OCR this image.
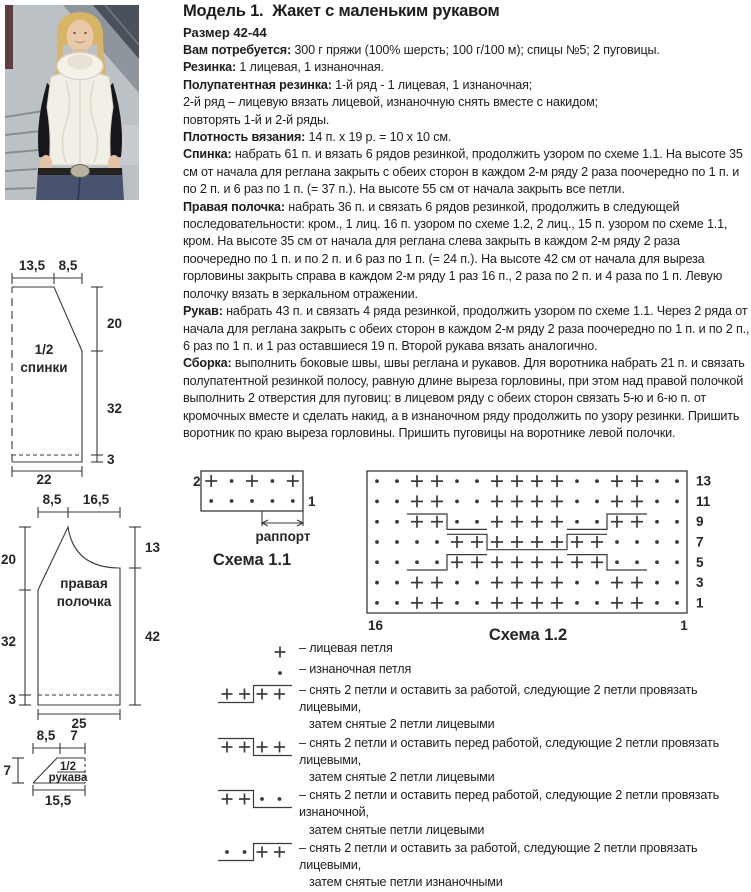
Модель 1.  Жакет с маленьким рукавом
Размер 42-44

Вам потребуется: 300 г пряжи (100% шерсть; 100 г/100 м); спицы №5; 2 пуговицы.

Резинка: 1 лицевая, 1 изнаночная.

Полупатентная резинка: 1-й ряд - 1 лицевая, 1 изнаночная;

2-й ряд – лицевую вязать лицевой, изнаночную снять вместе с накидом;

повторять 1-й и 2-й ряды.

Плотность вязания: 14 п. х 19 р. = 10 х 10 см.

Спинка: набрать 61 п. и вязать 6 рядов резинкой, продолжить узором по схеме 1.1. На высоте 35 см от начала для реглана закрыть с обеих сторон в каждом 2-м ряду 2 раза поочередно по 1 п. и по 2 п. и 6 раз по 1 п. (= 37 п.). На высоте 55 см от начала закрыть все петли.

Правая полочка: набрать 36 п. и связать 6 рядов резинкой, продолжить в следующей последовательности: кром., 1 лиц. 16 п. узором по схеме 1.2, 2 лиц., 15 п. узором по схеме 1.1, кром. На высоте 35 см от начала для реглана слева закрыть в каждом 2-м ряду 2 раза поочередно по 1 п. и по 2 п. и 6 раз по 1 п. (= 24 п.). На высоте 42 см от начала для выреза горловины закрыть справа в каждом 2-м ряду 1 раз 16 п., 2 раза по 2 п. и 4 раза по 1 п. Левую полочку вязать в зеркальном отражении.

Рукав: набрать 43 п. и связать 4 ряда резинкой, продолжить узором по схеме 1.1. Через 2 ряда от начала для реглана закрыть с обеих сторон в каждом 2-м ряду 2 раза поочередно по 1 п. и по 2 п., 6 раз по 1 п. и 1 раз оставшиеся 19 п. Второй рукава вязать аналогично.

Сборка: выполнить боковые швы, швы реглана и рукавов. Для воротника набрать 21 п. и связать полупатентной резинкой полосу, равную длине выреза горловины, при этом над правой полочкой выполнить 2 отверстия для пуговиц: в лицевом ряду с обеих сторон связать 5-ю и 6-ю п. от кромочных вместе и сделать накид, а в изнаночном ряду продолжить по узору резинки. Пришить воротник по краю выреза горловины. Пришить пуговицы на воротнике левой полочки.

13,5 8,5
20
32
3
22
1/2
спинки
8,5 16,5
20
32
3
13
42
25
правая
полочка
8,5 7
7
15,5
1/2
рукава
2
1
раппорт
Схема 1.1
13
11
9
7
5
3
1
16	1
Схема 1.2
– лицевая петля
– изнаночная петля
– снять 2 петли и оставить за работой, следующие 2 петли провязать лицевыми,
затем снятые 2 петли лицевыми
– снять 2 петли и оставить перед работой, следующие 2 петли провязать лицевыми,
затем снятые 2 петли лицевыми
– снять 2 петли и оставить перед работой, следующие 2 петли провязать изнаночной,
затем снятые петли лицевыми
– снять 2 петли и оставить за работой, следующие 2 петли провязать лицевыми,
затем снятые петли изнаночными
